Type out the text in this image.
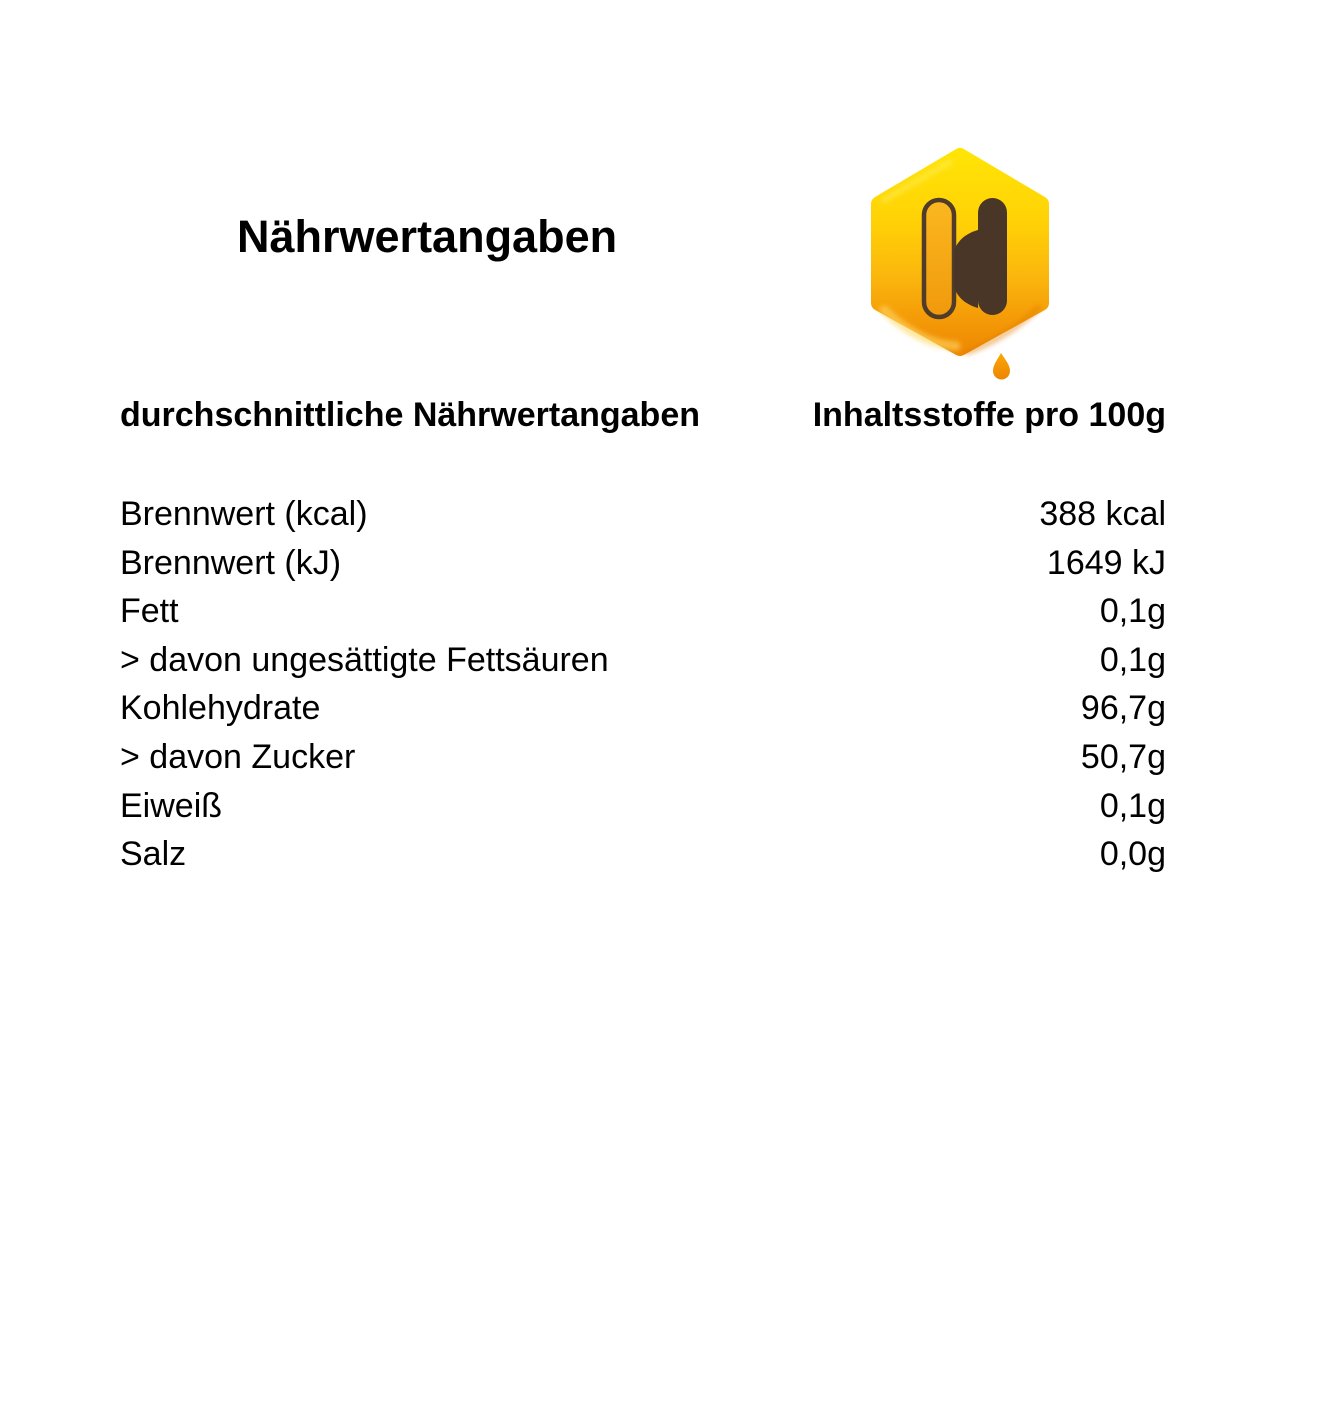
Nährwertangaben
durchschnittliche Nährwertangaben	Inhaltsstoffe pro 100g
Brennwert (kcal)	388 kcal
Brennwert (kJ)	1649 kJ
Fett	0,1g
> davon ungesättigte Fettsäuren	0,1g
Kohlehydrate	96,7g
> davon Zucker	50,7g
Eiweiß	0,1g
Salz	0,0g
